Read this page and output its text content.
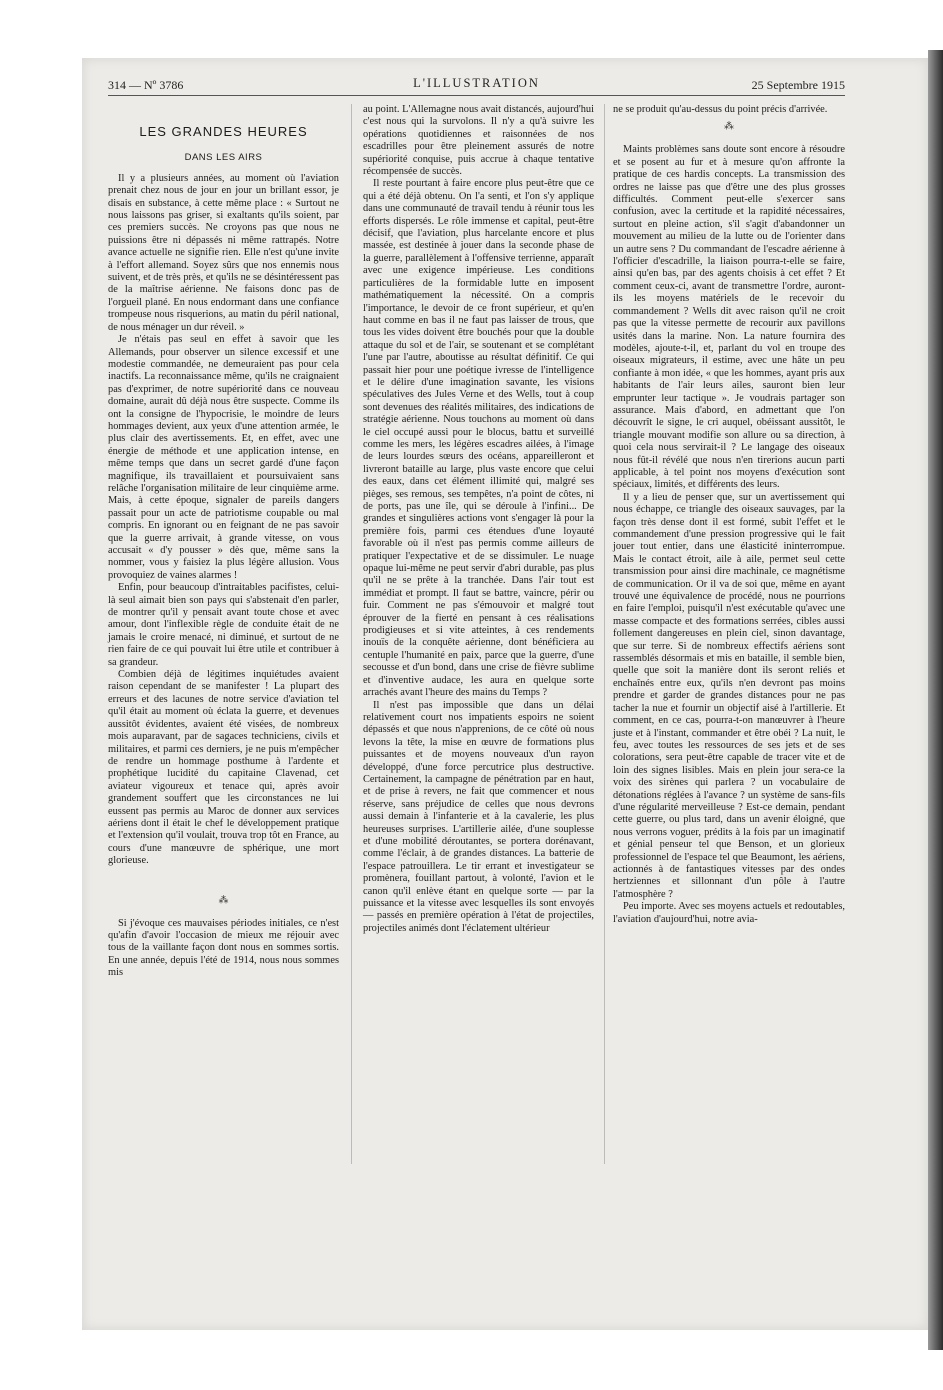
314 — Nº 3786	L'ILLUSTRATION	25 Septembre 1915
LES GRANDES HEURES
DANS LES AIRS

Il y a plusieurs années, au moment où l'aviation prenait chez nous de jour en jour un brillant essor, je disais en substance, à cette même place : « Surtout ne nous laissons pas griser, si exaltants qu'ils soient, par ces premiers succès. Ne croyons pas que nous ne puissions être ni dépassés ni même rattrapés. Notre avance actuelle ne signifie rien. Elle n'est qu'une invite à l'effort allemand. Soyez sûrs que nos ennemis nous suivent, et de très près, et qu'ils ne se désintéressent pas de la maîtrise aérienne. Ne faisons donc pas de l'orgueil plané. En nous endormant dans une confiance trompeuse nous risquerions, au matin du péril national, de nous ménager un dur réveil. »

Je n'étais pas seul en effet à savoir que les Allemands, pour observer un silence excessif et une modestie commandée, ne demeuraient pas pour cela inactifs. La reconnaissance même, qu'ils ne craignaient pas d'exprimer, de notre supériorité dans ce nouveau domaine, aurait dû déjà nous être suspecte. Comme ils ont la consigne de l'hypocrisie, le moindre de leurs hommages devient, aux yeux d'une attention armée, le plus clair des avertissements. Et, en effet, avec une énergie de méthode et une application intense, en même temps que dans un secret gardé d'une façon magnifique, ils travaillaient et poursuivaient sans relâche l'organisation militaire de leur cinquième arme. Mais, à cette époque, signaler de pareils dangers passait pour un acte de patriotisme coupable ou mal compris. En ignorant ou en feignant de ne pas savoir que la guerre arrivait, à grande vitesse, on vous accusait « d'y pousser » dès que, même sans la nommer, vous y faisiez la plus légère allusion. Vous provoquiez de vaines alarmes !

Enfin, pour beaucoup d'intraitables pacifistes, celui-là seul aimait bien son pays qui s'abstenait d'en parler, de montrer qu'il y pensait avant toute chose et avec amour, dont l'inflexible règle de conduite était de ne jamais le croire menacé, ni diminué, et surtout de ne rien faire de ce qui pouvait lui être utile et contribuer à sa grandeur.

Combien déjà de légitimes inquiétudes avaient raison cependant de se manifester ! La plupart des erreurs et des lacunes de notre service d'aviation tel qu'il était au moment où éclata la guerre, et devenues aussitôt évidentes, avaient été visées, de nombreux mois auparavant, par de sagaces techniciens, civils et militaires, et parmi ces derniers, je ne puis m'empêcher de rendre un hommage posthume à l'ardente et prophétique lucidité du capitaine Clavenad, cet aviateur vigoureux et tenace qui, après avoir grandement souffert que les circonstances ne lui eussent pas permis au Maroc de donner aux services aériens dont il était le chef le développement pratique et l'extension qu'il voulait, trouva trop tôt en France, au cours d'une manœuvre de sphérique, une mort glorieuse.

⁂

Si j'évoque ces mauvaises périodes initiales, ce n'est qu'afin d'avoir l'occasion de mieux me réjouir avec tous de la vaillante façon dont nous en sommes sortis. En une année, depuis l'été de 1914, nous nous sommes mis

au point. L'Allemagne nous avait distancés, aujourd'hui c'est nous qui la survolons. Il n'y a qu'à suivre les opérations quotidiennes et raisonnées de nos escadrilles pour être pleinement assurés de notre supériorité conquise, puis accrue à chaque tentative récompensée de succès.

Il reste pourtant à faire encore plus peut-être que ce qui a été déjà obtenu. On l'a senti, et l'on s'y applique dans une communauté de travail tendu à réunir tous les efforts dispersés. Le rôle immense et capital, peut-être décisif, que l'aviation, plus harcelante encore et plus massée, est destinée à jouer dans la seconde phase de la guerre, parallèlement à l'offensive terrienne, apparaît avec une exigence impérieuse. Les conditions particulières de la formidable lutte en imposent mathématiquement la nécessité. On a compris l'importance, le devoir de ce front supérieur, et qu'en haut comme en bas il ne faut pas laisser de trous, que tous les vides doivent être bouchés pour que la double attaque du sol et de l'air, se soutenant et se complétant l'une par l'autre, aboutisse au résultat définitif. Ce qui passait hier pour une poétique ivresse de l'intelligence et le délire d'une imagination savante, les visions spéculatives des Jules Verne et des Wells, tout à coup sont devenues des réalités militaires, des indications de stratégie aérienne. Nous touchons au moment où dans le ciel occupé aussi pour le blocus, battu et surveillé comme les mers, les légères escadres ailées, à l'image de leurs lourdes sœurs des océans, appareilleront et livreront bataille au large, plus vaste encore que celui des eaux, dans cet élément illimité qui, malgré ses pièges, ses remous, ses tempêtes, n'a point de côtes, ni de ports, pas une île, qui se déroule à l'infini... De grandes et singulières actions vont s'engager là pour la première fois, parmi ces étendues d'une loyauté favorable où il n'est pas permis comme ailleurs de pratiquer l'expectative et de se dissimuler. Le nuage opaque lui-même ne peut servir d'abri durable, pas plus qu'il ne se prête à la tranchée. Dans l'air tout est immédiat et prompt. Il faut se battre, vaincre, périr ou fuir. Comment ne pas s'émouvoir et malgré tout éprouver de la fierté en pensant à ces réalisations prodigieuses et si vite atteintes, à ces rendements inouïs de la conquête aérienne, dont bénéficiera au centuple l'humanité en paix, parce que la guerre, d'une secousse et d'un bond, dans une crise de fièvre sublime et d'inventive audace, les aura en quelque sorte arrachés avant l'heure des mains du Temps ?

Il n'est pas impossible que dans un délai relativement court nos impatients espoirs ne soient dépassés et que nous n'apprenions, de ce côté où nous levons la tête, la mise en œuvre de formations plus puissantes et de moyens nouveaux d'un rayon développé, d'une force percutrice plus destructive. Certainement, la campagne de pénétration par en haut, et de prise à revers, ne fait que commencer et nous réserve, sans préjudice de celles que nous devrons aussi demain à l'infanterie et à la cavalerie, les plus heureuses surprises. L'artillerie ailée, d'une souplesse et d'une mobilité déroutantes, se portera dorénavant, comme l'éclair, à de grandes distances. La batterie de l'espace patrouillera. Le tir errant et investigateur se promènera, fouillant partout, à volonté, l'avion et le canon qu'il enlève étant en quelque sorte — par la puissance et la vitesse avec lesquelles ils sont envoyés — passés en première opération à l'état de projectiles, projectiles animés dont l'éclatement ultérieur

ne se produit qu'au-dessus du point précis d'arrivée.

⁂

Maints problèmes sans doute sont encore à résoudre et se posent au fur et à mesure qu'on affronte la pratique de ces hardis concepts. La transmission des ordres ne laisse pas que d'être une des plus grosses difficultés. Comment peut-elle s'exercer sans confusion, avec la certitude et la rapidité nécessaires, surtout en pleine action, s'il s'agit d'abandonner un mouvement au milieu de la lutte ou de l'orienter dans un autre sens ? Du commandant de l'escadre aérienne à l'officier d'escadrille, la liaison pourra-t-elle se faire, ainsi qu'en bas, par des agents choisis à cet effet ? Et comment ceux-ci, avant de transmettre l'ordre, auront-ils les moyens matériels de le recevoir du commandement ? Wells dit avec raison qu'il ne croit pas que la vitesse permette de recourir aux pavillons usités dans la marine. Non. La nature fournira des modèles, ajoute-t-il, et, parlant du vol en troupe des oiseaux migrateurs, il estime, avec une hâte un peu confiante à mon idée, « que les hommes, ayant pris aux habitants de l'air leurs ailes, sauront bien leur emprunter leur tactique ». Je voudrais partager son assurance. Mais d'abord, en admettant que l'on découvrît le signe, le cri auquel, obéissant aussitôt, le triangle mouvant modifie son allure ou sa direction, à quoi cela nous servirait-il ? Le langage des oiseaux nous fût-il révélé que nous n'en tirerions aucun parti applicable, à tel point nos moyens d'exécution sont spéciaux, limités, et différents des leurs.

Il y a lieu de penser que, sur un avertissement qui nous échappe, ce triangle des oiseaux sauvages, par la façon très dense dont il est formé, subit l'effet et le commandement d'une pression progressive qui le fait jouer tout entier, dans une élasticité ininterrompue. Mais le contact étroit, aile à aile, permet seul cette transmission pour ainsi dire machinale, ce magnétisme de communication. Or il va de soi que, même en ayant trouvé une équivalence de procédé, nous ne pourrions en faire l'emploi, puisqu'il n'est exécutable qu'avec une masse compacte et des formations serrées, cibles aussi follement dangereuses en plein ciel, sinon davantage, que sur terre. Si de nombreux effectifs aériens sont rassemblés désormais et mis en bataille, il semble bien, quelle que soit la manière dont ils seront reliés et enchaînés entre eux, qu'ils n'en devront pas moins prendre et garder de grandes distances pour ne pas tacher la nue et fournir un objectif aisé à l'artillerie. Et comment, en ce cas, pourra-t-on manœuvrer à l'heure juste et à l'instant, commander et être obéi ? La nuit, le feu, avec toutes les ressources de ses jets et de ses colorations, sera peut-être capable de tracer vite et de loin des signes lisibles. Mais en plein jour sera-ce la voix des sirènes qui parlera ? un vocabulaire de détonations réglées à l'avance ? un système de sans-fils d'une régularité merveilleuse ? Est-ce demain, pendant cette guerre, ou plus tard, dans un avenir éloigné, que nous verrons voguer, prédits à la fois par un imaginatif et génial penseur tel que Benson, et un glorieux professionnel de l'espace tel que Beaumont, les aériens, actionnés à de fantastiques vitesses par des ondes hertziennes et sillonnant d'un pôle à l'autre l'atmosphère ?

Peu importe. Avec ses moyens actuels et redoutables, l'aviation d'aujourd'hui, notre avia-
